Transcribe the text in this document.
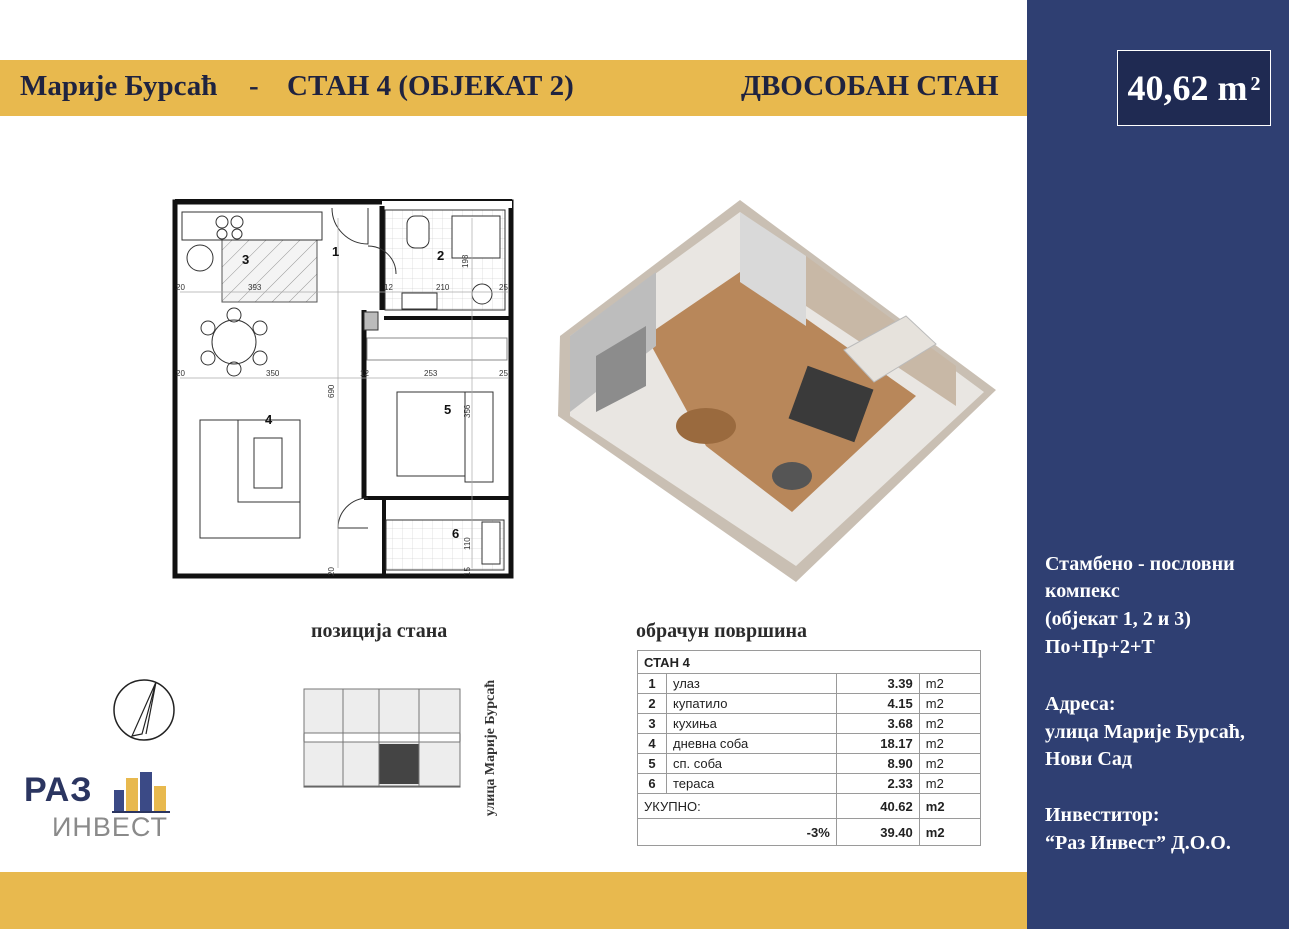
Марије Бурсаћ - СТАН 4 (ОБЈЕКАТ 2)	ДВОСОБАН СТАН	40,62 $m^2$
1	2
3
4
5
6
20	393	12	210	25
198
20	350	12	253	25
690
356
110
15
20
позиција стана	обрачун површина
улица Марије Бурсаћ
СТАН 4			
1	улаз	3.39	m2
2	купатило	4.15	m2
3	кухиња	3.68	m2
4	дневна соба	18.17	m2
5	сп. соба	8.90	m2
6	тераса	2.33	m2
УКУПНО:		40.62	m2
-3%		39.40	m2
РАЗ
ИНВЕСТ
Стамбено - пословни
компекс
(објекат 1, 2 и 3)
По+Пр+2+Т
Адреса:
улица Марије Бурсаћ,
Нови Сад
Инвеститор:
“Раз Инвест” Д.О.О.
